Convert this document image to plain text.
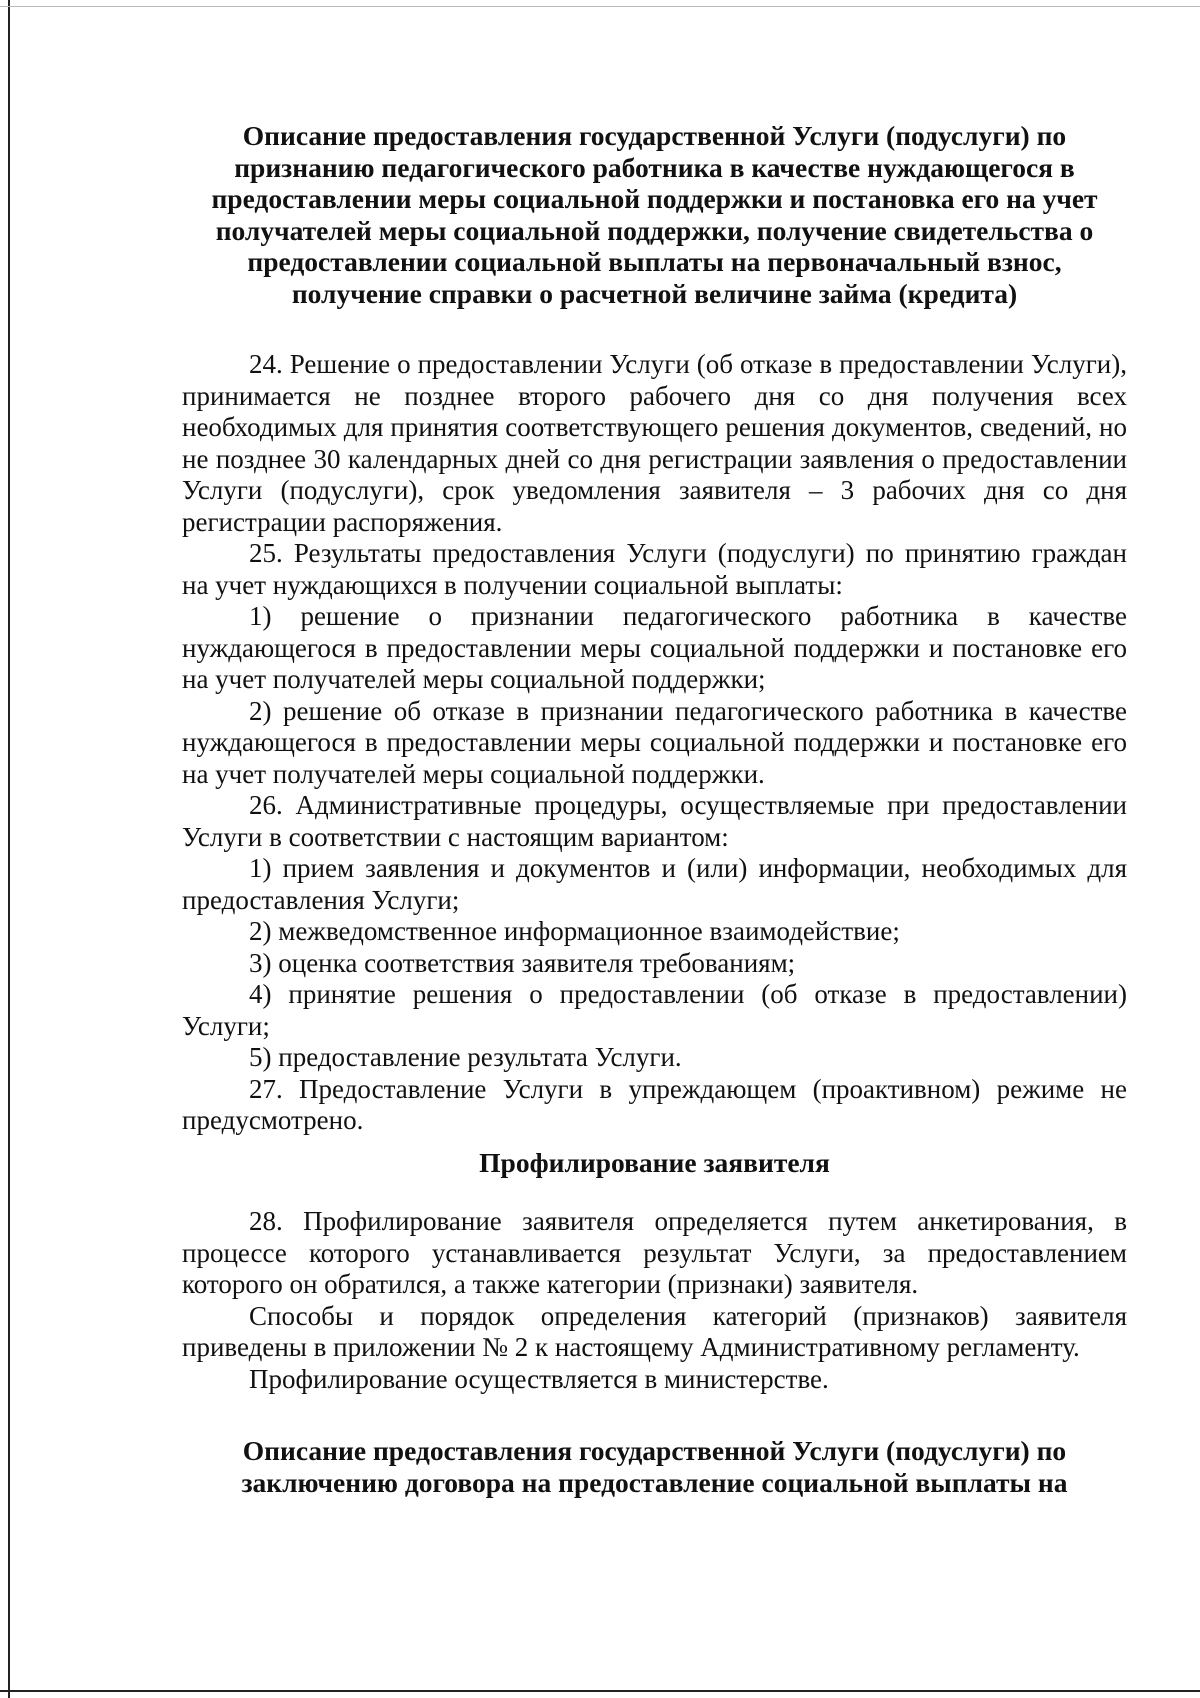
Описание предоставления государственной Услуги (подуслуги) по
признанию педагогического работника в качестве нуждающегося в
предоставлении меры социальной поддержки и постановка его на учет
получателей меры социальной поддержки, получение свидетельства о
предоставлении социальной выплаты на первоначальный взнос,
получение справки о расчетной величине займа (кредита)

24. Решение о предоставлении Услуги (об отказе в предоставлении Услуги), принимается не позднее второго рабочего дня со дня получения всех необходимых для принятия соответствующего решения документов, сведений, но не позднее 30 календарных дней со дня регистрации заявления о предоставлении Услуги (подуслуги), срок уведомления заявителя – 3 рабочих дня со дня регистрации распоряжения.

25. Результаты предоставления Услуги (подуслуги) по принятию граждан на учет нуждающихся в получении социальной выплаты:

1) решение о признании педагогического работника в качестве нуждающегося в предоставлении меры социальной поддержки и постановке его на учет получателей меры социальной поддержки;

2) решение об отказе в признании педагогического работника в качестве нуждающегося в предоставлении меры социальной поддержки и постановке его на учет получателей меры социальной поддержки.

26. Административные процедуры, осуществляемые при предоставлении Услуги в соответствии с настоящим вариантом:

1) прием заявления и документов и (или) информации, необходимых для предоставления Услуги;

2) межведомственное информационное взаимодействие;

3) оценка соответствия заявителя требованиям;

4) принятие решения о предоставлении (об отказе в предоставлении) Услуги;

5) предоставление результата Услуги.

27. Предоставление Услуги в упреждающем (проактивном) режиме не предусмотрено.

Профилирование заявителя

28. Профилирование заявителя определяется путем анкетирования, в процессе которого устанавливается результат Услуги, за предоставлением которого он обратился, а также категории (признаки) заявителя.

Способы и порядок определения категорий (признаков) заявителя приведены в приложении № 2 к настоящему Административному регламенту.

Профилирование осуществляется в министерстве.

Описание предоставления государственной Услуги (подуслуги) по
заключению договора на предоставление социальной выплаты на
